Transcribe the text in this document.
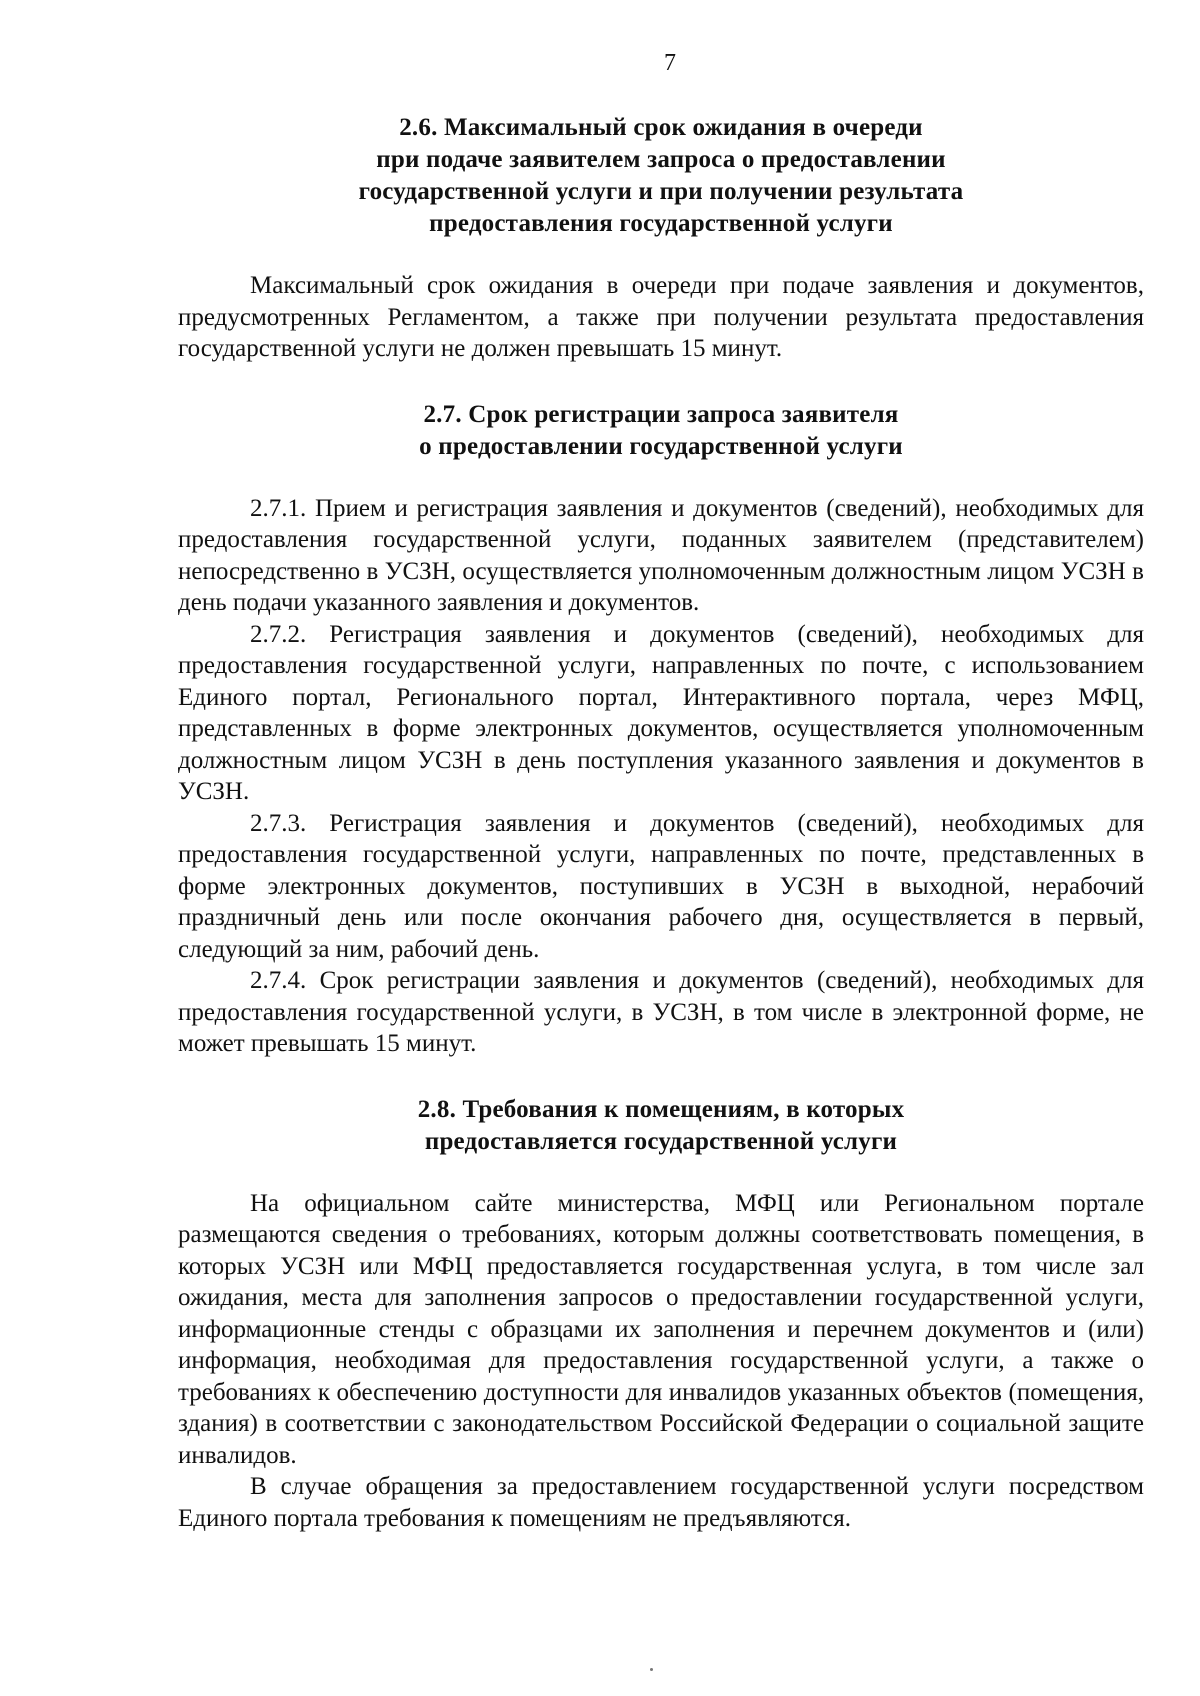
7
2.6. Максимальный срок ожидания в очереди
при подаче заявителем запроса о предоставлении
государственной услуги и при получении результата
предоставления государственной услуги

Максимальный срок ожидания в очереди при подаче заявления и документов, предусмотренных Регламентом, а также при получении результата предоставления государственной услуги не должен превышать 15 минут.

2.7. Срок регистрации запроса заявителя
о предоставлении государственной услуги

2.7.1. Прием и регистрация заявления и документов (сведений), необходимых для предоставления государственной услуги, поданных заявителем (представителем) непосредственно в УСЗН, осуществляется уполномоченным должностным лицом УСЗН в день подачи указанного заявления и документов.

2.7.2. Регистрация заявления и документов (сведений), необходимых для предоставления государственной услуги, направленных по почте, с использованием Единого портал, Регионального портал, Интерактивного портала, через МФЦ, представленных в форме электронных документов, осуществляется уполномоченным должностным лицом УСЗН в день поступления указанного заявления и документов в УСЗН.

2.7.3. Регистрация заявления и документов (сведений), необходимых для предоставления государственной услуги, направленных по почте, представленных в форме электронных документов, поступивших в УСЗН в выходной, нерабочий праздничный день или после окончания рабочего дня, осуществляется в первый, следующий за ним, рабочий день.

2.7.4. Срок регистрации заявления и документов (сведений), необходимых для предоставления государственной услуги, в УСЗН, в том числе в электронной форме, не может превышать 15 минут.

2.8. Требования к помещениям, в которых
предоставляется государственной услуги

На официальном сайте министерства, МФЦ или Региональном портале размещаются сведения о требованиях, которым должны соответствовать помещения, в которых УСЗН или МФЦ предоставляется государственная услуга, в том числе зал ожидания, места для заполнения запросов о предоставлении государственной услуги, информационные стенды с образцами их заполнения и перечнем документов и (или) информация, необходимая для предоставления государственной услуги, а также о требованиях к обеспечению доступности для инвалидов указанных объектов (помещения, здания) в соответствии с законодательством Российской Федерации о социальной защите инвалидов.

В случае обращения за предоставлением государственной услуги посредством Единого портала требования к помещениям не предъявляются.
